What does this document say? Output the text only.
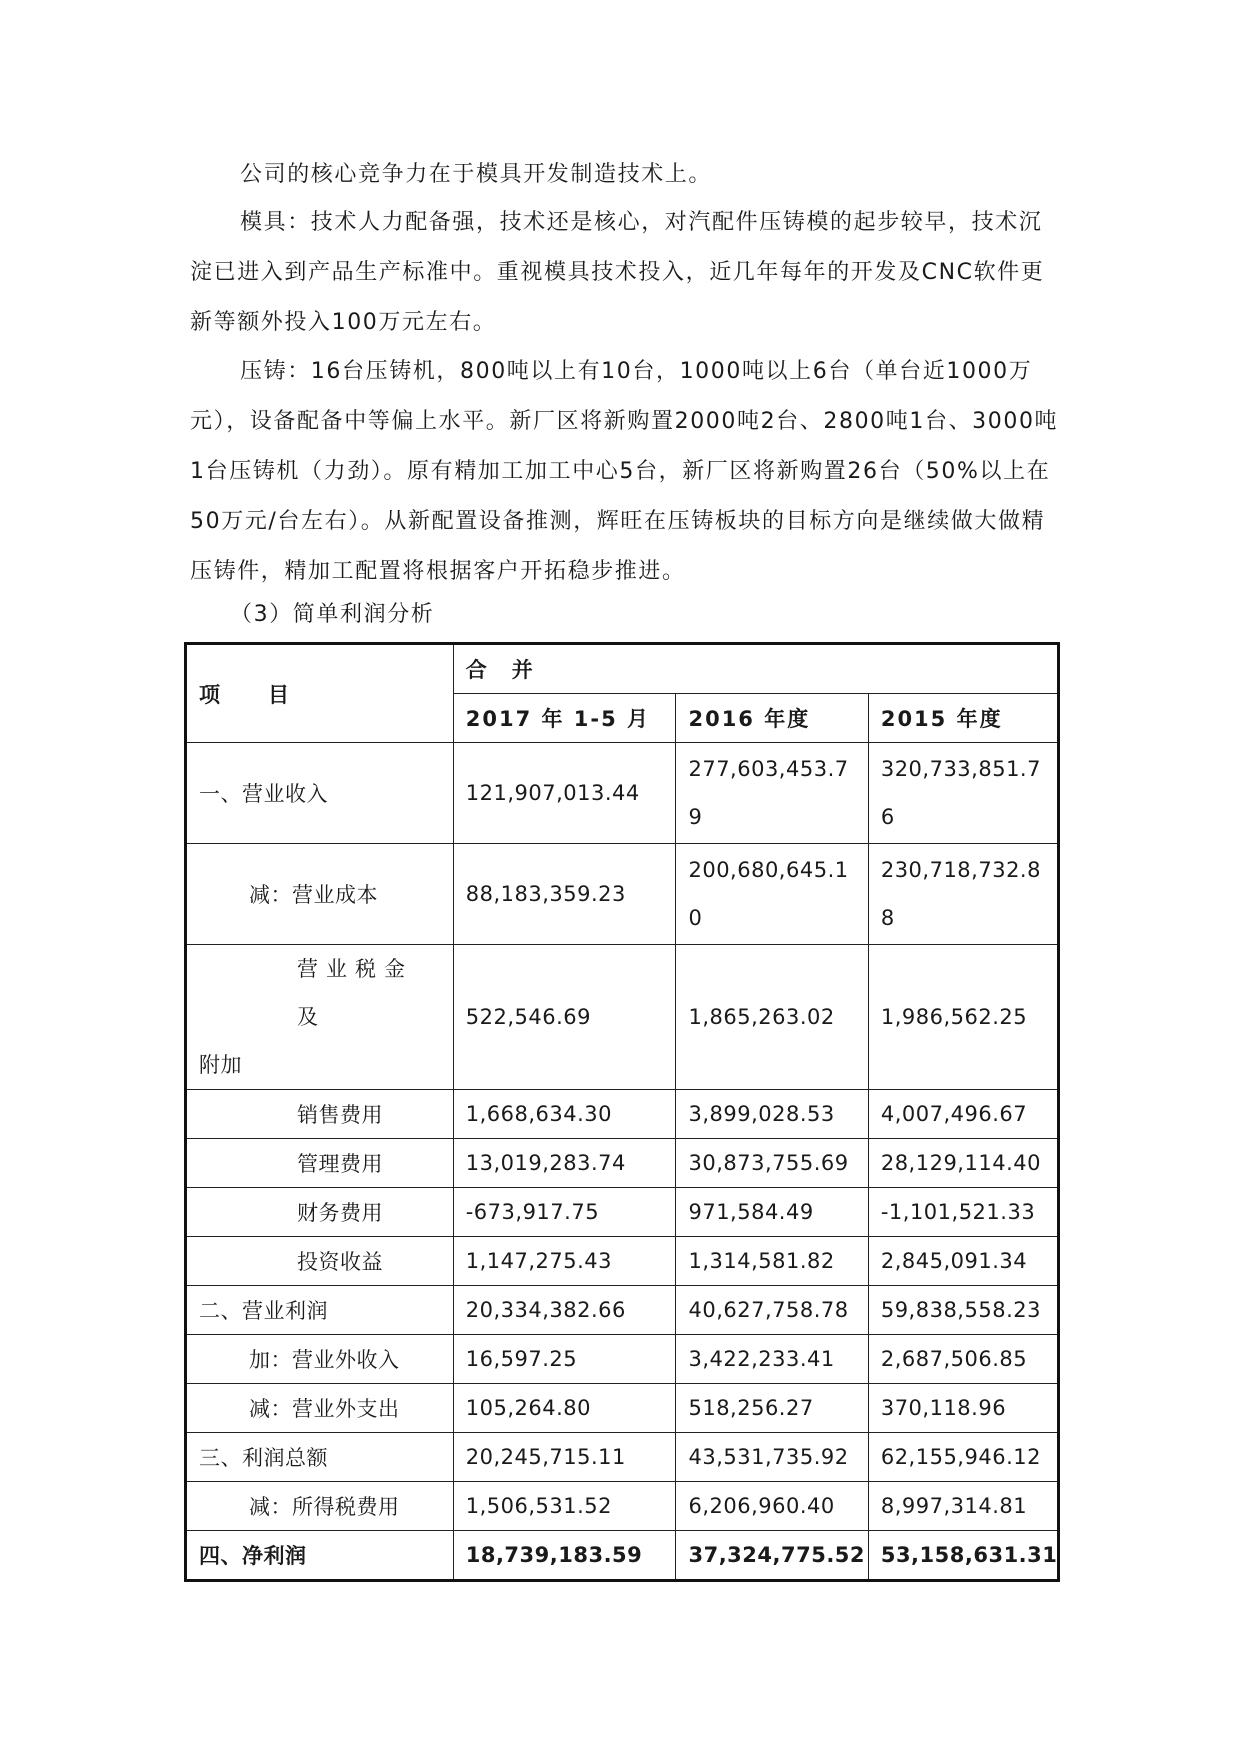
公司的核心竞争力在于模具开发制造技术上。

模具：技术人力配备强，技术还是核心，对汽配件压铸模的起步较早，技术沉淀已进入到产品生产标准中。重视模具技术投入，近几年每年的开发及CNC软件更新等额外投入100万元左右。

压铸：16台压铸机，800吨以上有10台，1000吨以上6台（单台近1000万元），设备配备中等偏上水平。新厂区将新购置2000吨2台、2800吨1台、3000吨1台压铸机（力劲）。原有精加工加工中心5台，新厂区将新购置26台（50%以上在50万元/台左右）。从新配置设备推测，辉旺在压铸板块的目标方向是继续做大做精压铸件，精加工配置将根据客户开拓稳步推进。

（3）简单利润分析

项　　目	合　并		
	2017 年 1-5 月	2016 年度	2015 年度
一、营业收入	121,907,013.44	277,603,453.79	320,733,851.76
减：营业成本	88,183,359.23	200,680,645.10	230,718,732.88

营业税金及
附加	522,546.69	1,865,263.02	1,986,562.25
销售费用	1,668,634.30	3,899,028.53	4,007,496.67
管理费用	13,019,283.74	30,873,755.69	28,129,114.40
财务费用	-673,917.75	971,584.49	-1,101,521.33
投资收益	1,147,275.43	1,314,581.82	2,845,091.34
二、营业利润	20,334,382.66	40,627,758.78	59,838,558.23
加：营业外收入	16,597.25	3,422,233.41	2,687,506.85
减：营业外支出	105,264.80	518,256.27	370,118.96
三、利润总额	20,245,715.11	43,531,735.92	62,155,946.12
减：所得税费用	1,506,531.52	6,206,960.40	8,997,314.81
四、净利润	18,739,183.59	37,324,775.52	53,158,631.31
